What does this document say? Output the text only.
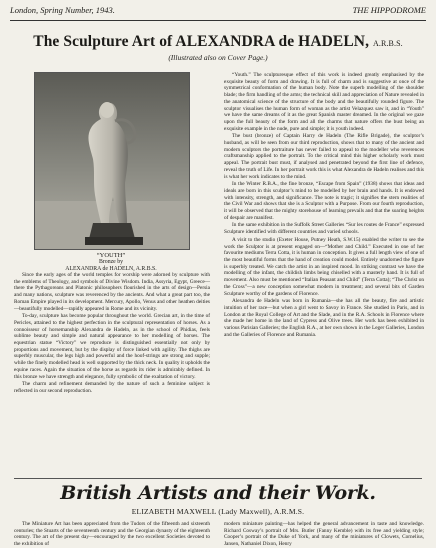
London, Spring Number, 1943.	THE HIPPODROME
The Sculpture Art of ALEXANDRA de HADELN, A.R.B.S.
(Illustrated also on Cover Page.)
“YOUTH”
Bronze by
ALEXANDRA de HADELN, A.R.B.S.

Since the early ages of the world temples for worship were adorned by sculpture with the emblems of Theology, and symbols of Divine Wisdom. India, Assyria, Egypt, Greece—there the Pythagoreans and Platonic philosophers flourished in the arts of design—Persia and many nations, sculpture was reverenced by the ancients. And what a great part too, the Roman Empire played in its development. Mercury, Apollo, Venus and other heathen deities—beautifully modelled—rapidly appeared in Rome and its vicinity.

To-day, sculpture has become popular throughout the world. Grecian art, in the time of Pericles, attained to the highest perfection in the sculptural representation of horses. As a connoisseur of horsemanship Alexandra de Hadeln, as in the school of Phidias, feels sublime beauty and simple and natural appearance to her modelling of horses. The equestrian statue “Victory” we reproduce is distinguished essentially not only by proportions and movement, but by the display of force linked with agility. The thighs are superbly muscular, the legs high and powerful and the hoof-strings are strong and supple; while the finely modelled head is well supported by the thick neck. In quality it upholds the equine races. Again the situation of the horse as regards its rider is admirably defined. In this bronze we have strength and elegance, fully symbolic of the exaltation of victory.

The charm and refinement demanded by the nature of such a feminine subject is reflected in our second reproduction.

“Youth.” The sculpturesque effect of this work is indeed greatly emphasised by the exquisite beauty of form and drawing. It is full of charm and is suggestive at once of the symmetrical conformation of the human body. Note the superb modelling of the shoulder blade; the firm handling of the arms; the technical skill and appreciation of Nature revealed in the anatomical science of the structure of the body and the beautifully rounded figure. The sculptor visualises the human form of woman as the artist Velazquez saw it, and in “Youth” we have the same dreams of it as the great Spanish master dreamed. In the original we gaze upon the full beauty of the form and all the charms that nature offers the bust being an exquisite example in the nude, pure and simple; it is youth indeed.

The bust (bronze) of Captain Harry de Hadeln (The Rifle Brigade), the sculptor’s husband, as will be seen from our third reproduction, shows that to many of the ancient and modern sculptors the portraiture has never failed to appeal to the modeller who reverences craftsmanship applied to the portrait. To the critical mind this higher scholarly work must appeal. The portrait bust must, if analysed and penetrated beyond the first line of defence, reveal the truth of Life. In her portrait work this is what Alexandra de Hadeln realises and this is what her work indicates to the mind.

In the Winter R.B.A., the fine bronze, “Escape from Spain” (1938) shows that ideas and ideals are born in this sculptor’s mind to be modelled by her brain and hands. It is endowed with intensity, strength, and significance. The note is tragic; it signifies the stern realities of the Civil War and shows that she is a Sculptor with a Purpose. From our fourth reproduction, it will be observed that the mighty storehouse of learning prevails and that the soaring heights of despair are manifest.

In the same exhibition in the Suffolk Street Galleries “Sur les routes de France” expressed Sculpture identified with different countries and varied schools.

A visit to the studio (Exeter House, Putney Heath, S.W.15) enabled the writer to see the work the Sculptor is at present engaged on—“Mother and Child.” Executed in one of her favourite mediums Terra Cotta, it is human in conception. It gives a full length view of one of the most beautiful forms that the hand of creation could model. Entirely unadorned the figure is superbly treated. We catch the artist in an inspired mood. In striking contrast we have the modelling of the infant, the childish limbs being chiselled with a masterly hand. It is full of movement. Also must be mentioned “Italian Peasant and Child” (Terra Cotta); “The Christ on the Cross”—a new conception somewhat modern in treatment; and several bits of Garden Sculpture worthy of the gardens of Florence.

Alexandra de Hadeln was born in Rumania—she has all the beauty, fire and artistic intuition of her race—but when a girl went to Savoy in France. She studied in Paris, and in London at the Royal College of Art and the Slade, and in the R.A. Schools in Florence where she made her home in the land of Cypress and Olive trees. Her work has been exhibited in various Parisian Galleries; the English R.A., at her own shown in the Leger Galleries, London and the Galleries of Florence and Rumania.

British Artists and their Work.
ELIZABETH MAXWELL (Lady Maxwell), A.R.M.S.

The Miniature Art has been appreciated from the Tudors of the fifteenth and sixteenth centuries; the Stuarts of the seventeenth century and the Georgian dynasty of the eighteenth century. The art of the present day—encouraged by the two excellent Societies devoted to the exhibition of

modern miniature painting—has helped the general advancement in taste and knowledge. Richard Cosway’s portrait of Mrs. Butler (Fanny Kemble) with its free and yielding style; Cooper’s portrait of the Duke of York, and many of the miniatures of Clowets, Cornelius, Jansen, Nathaniel Dixon, Henry
